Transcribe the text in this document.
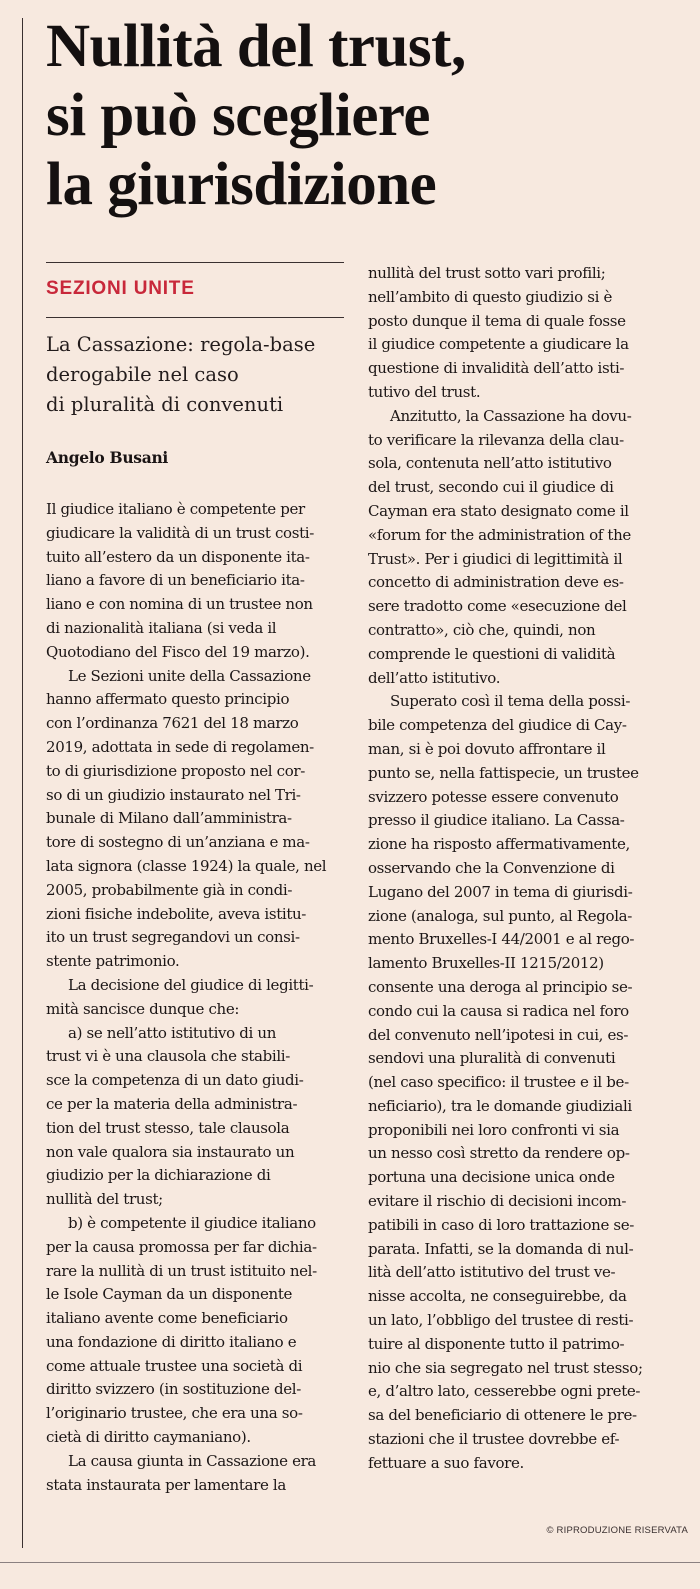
Nullità del trust,
si può scegliere
la giurisdizione
SEZIONI UNITE
La Cassazione: regola-base
derogabile nel caso
di pluralità di convenuti
Angelo Busani
Il giudice italiano è competente per
giudicare la validità di un trust costi-
tuito all’estero da un disponente ita-
liano a favore di un beneficiario ita-
liano e con nomina di un trustee non
di nazionalità italiana (si veda il
Quotodiano del Fisco del 19 marzo).
Le Sezioni unite della Cassazione
hanno affermato questo principio
con l’ordinanza 7621 del 18 marzo
2019, adottata in sede di regolamen-
to di giurisdizione proposto nel cor-
so di un giudizio instaurato nel Tri-
bunale di Milano dall’amministra-
tore di sostegno di un’anziana e ma-
lata signora (classe 1924) la quale, nel
2005, probabilmente già in condi-
zioni fisiche indebolite, aveva istitu-
ito un trust segregandovi un consi-
stente patrimonio.
La decisione del giudice di legitti-
mità sancisce dunque che:
a) se nell’atto istitutivo di un
trust vi è una clausola che stabili-
sce la competenza di un dato giudi-
ce per la materia della administra-
tion del trust stesso, tale clausola
non vale qualora sia instaurato un
giudizio per la dichiarazione di
nullità del trust;
b) è competente il giudice italiano
per la causa promossa per far dichia-
rare la nullità di un trust istituito nel-
le Isole Cayman da un disponente
italiano avente come beneficiario
una fondazione di diritto italiano e
come attuale trustee una società di
diritto svizzero (in sostituzione del-
l’originario trustee, che era una so-
cietà di diritto caymaniano).
La causa giunta in Cassazione era
stata instaurata per lamentare la
nullità del trust sotto vari profili;
nell’ambito di questo giudizio si è
posto dunque il tema di quale fosse
il giudice competente a giudicare la
questione di invalidità dell’atto isti-
tutivo del trust.
Anzitutto, la Cassazione ha dovu-
to verificare la rilevanza della clau-
sola, contenuta nell’atto istitutivo
del trust, secondo cui il giudice di
Cayman era stato designato come il
«forum for the administration of the
Trust». Per i giudici di legittimità il
concetto di administration deve es-
sere tradotto come «esecuzione del
contratto», ciò che, quindi, non
comprende le questioni di validità
dell’atto istitutivo.
Superato così il tema della possi-
bile competenza del giudice di Cay-
man, si è poi dovuto affrontare il
punto se, nella fattispecie, un trustee
svizzero potesse essere convenuto
presso il giudice italiano. La Cassa-
zione ha risposto affermativamente,
osservando che la Convenzione di
Lugano del 2007 in tema di giurisdi-
zione (analoga, sul punto, al Regola-
mento Bruxelles-I 44/2001 e al rego-
lamento Bruxelles-II 1215/2012)
consente una deroga al principio se-
condo cui la causa si radica nel foro
del convenuto nell’ipotesi in cui, es-
sendovi una pluralità di convenuti
(nel caso specifico: il trustee e il be-
neficiario), tra le domande giudiziali
proponibili nei loro confronti vi sia
un nesso così stretto da rendere op-
portuna una decisione unica onde
evitare il rischio di decisioni incom-
patibili in caso di loro trattazione se-
parata. Infatti, se la domanda di nul-
lità dell’atto istitutivo del trust ve-
nisse accolta, ne conseguirebbe, da
un lato, l’obbligo del trustee di resti-
tuire al disponente tutto il patrimo-
nio che sia segregato nel trust stesso;
e, d’altro lato, cesserebbe ogni prete-
sa del beneficiario di ottenere le pre-
stazioni che il trustee dovrebbe ef-
fettuare a suo favore.
© RIPRODUZIONE RISERVATA
